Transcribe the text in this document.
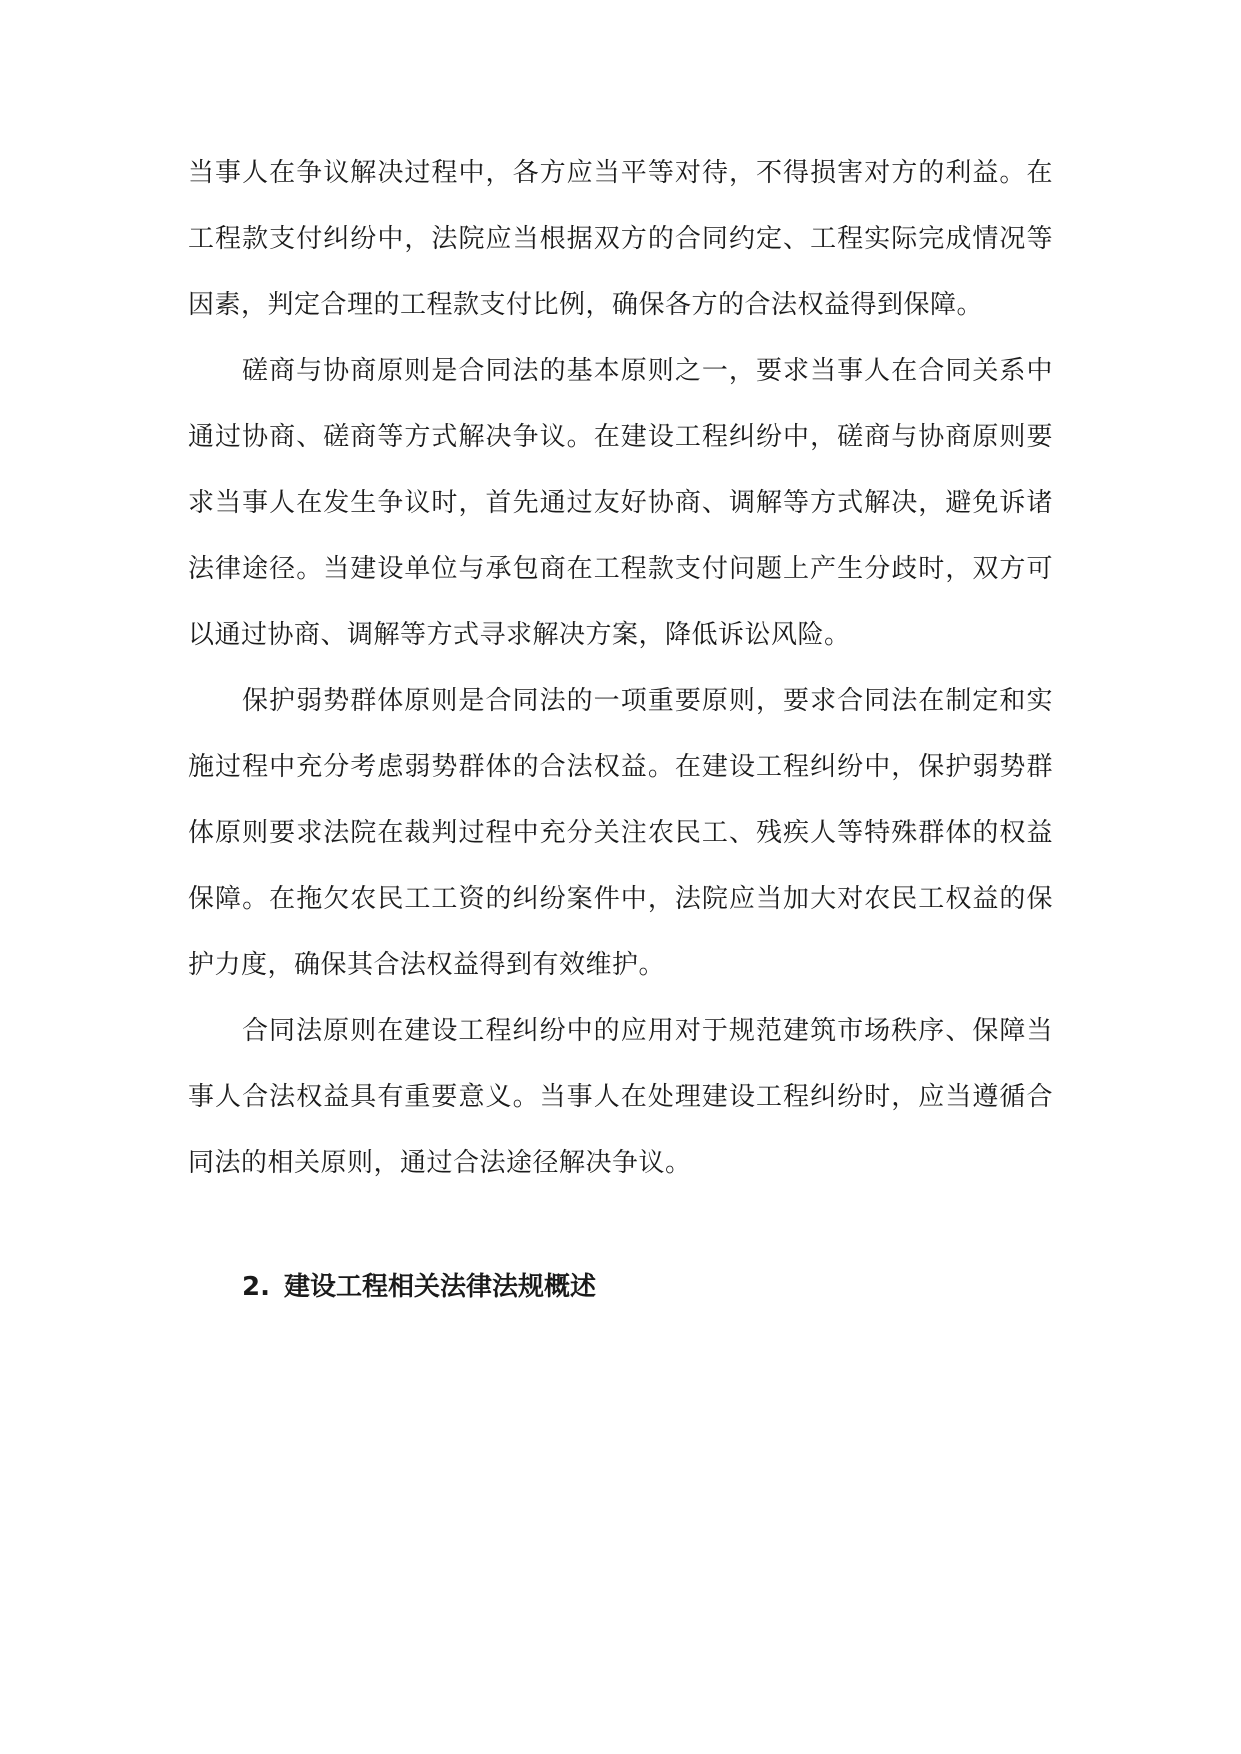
当事人在争议解决过程中，各方应当平等对待，不得损害对方的利益。在工程款支付纠纷中，法院应当根据双方的合同约定、工程实际完成情况等因素，判定合理的工程款支付比例，确保各方的合法权益得到保障。

磋商与协商原则是合同法的基本原则之一，要求当事人在合同关系中通过协商、磋商等方式解决争议。在建设工程纠纷中，磋商与协商原则要求当事人在发生争议时，首先通过友好协商、调解等方式解决，避免诉诸法律途径。当建设单位与承包商在工程款支付问题上产生分歧时，双方可以通过协商、调解等方式寻求解决方案，降低诉讼风险。

保护弱势群体原则是合同法的一项重要原则，要求合同法在制定和实施过程中充分考虑弱势群体的合法权益。在建设工程纠纷中，保护弱势群体原则要求法院在裁判过程中充分关注农民工、残疾人等特殊群体的权益保障。在拖欠农民工工资的纠纷案件中，法院应当加大对农民工权益的保护力度，确保其合法权益得到有效维护。

合同法原则在建设工程纠纷中的应用对于规范建筑市场秩序、保障当事人合法权益具有重要意义。当事人在处理建设工程纠纷时，应当遵循合同法的相关原则，通过合法途径解决争议。

2. 建设工程相关法律法规概述
